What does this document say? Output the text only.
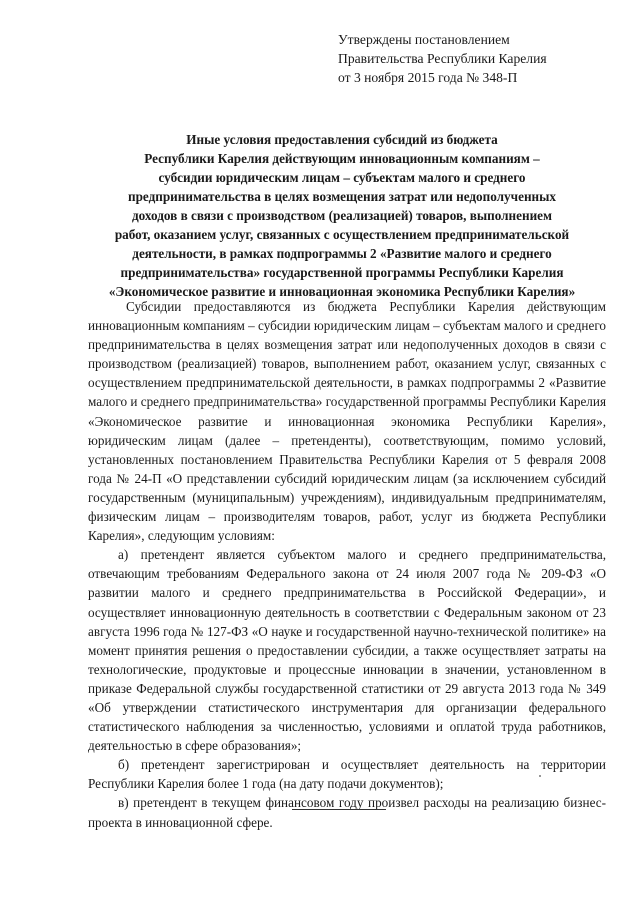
Утверждены постановлением
Правительства Республики Карелия
от 3 ноября 2015 года № 348-П
Иные условия предоставления субсидий из бюджета
Республики Карелия действующим инновационным компаниям –
субсидии юридическим лицам – субъектам малого и среднего
предпринимательства в целях возмещения затрат или недополученных
доходов в связи с производством (реализацией) товаров, выполнением
работ, оказанием услуг, связанных с осуществлением предпринимательской
деятельности, в рамках подпрограммы 2 «Развитие малого и среднего
предпринимательства» государственной программы Республики Карелия
«Экономическое развитие и инновационная экономика Республики Карелия»

Субсидии предоставляются из бюджета Республики Карелия действующим инновационным компаниям – субсидии юридическим лицам – субъектам малого и среднего предпринимательства в целях возмещения затрат или недополученных доходов в связи с производством (реализацией) товаров, выполнением работ, оказанием услуг, связанных с осуществлением предпринимательской деятельности, в рамках подпрограммы 2 «Развитие малого и среднего предпринимательства» государственной программы Республики Карелия «Экономическое развитие и инновационная экономика Республики Карелия», юридическим лицам (далее – претенденты), соответствующим, помимо условий, установленных постановлением Правительства Республики Карелия от 5 февраля 2008 года № 24-П «О представлении субсидий юридическим лицам (за исключением субсидий государственным (муниципальным) учреждениям), индивидуальным предпринимателям, физическим лицам – производителям товаров, работ, услуг из бюджета Республики Карелия», следующим условиям:

а) претендент является субъектом малого и среднего предпринимательства, отвечающим требованиям Федерального закона от 24 июля 2007 года № 209-ФЗ «О развитии малого и среднего предпринимательства в Российской Федерации», и осуществляет инновационную деятельность в соответствии с Федеральным законом от 23 августа 1996 года № 127-ФЗ «О науке и государственной научно-технической политике» на момент принятия решения о предоставлении субсидии, а также осуществляет затраты на технологические, продуктовые и процессные инновации в значении, установленном в приказе Федеральной службы государственной статистики от 29 августа 2013 года № 349 «Об утверждении статистического инструментария для организации федерального статистического наблюдения за численностью, условиями и оплатой труда работников, деятельностью в сфере образования»;

б) претендент зарегистрирован и осуществляет деятельность на территории Республики Карелия более 1 года (на дату подачи документов);

в) претендент в текущем финансовом году произвел расходы на реализацию бизнес-проекта в инновационной сфере.
